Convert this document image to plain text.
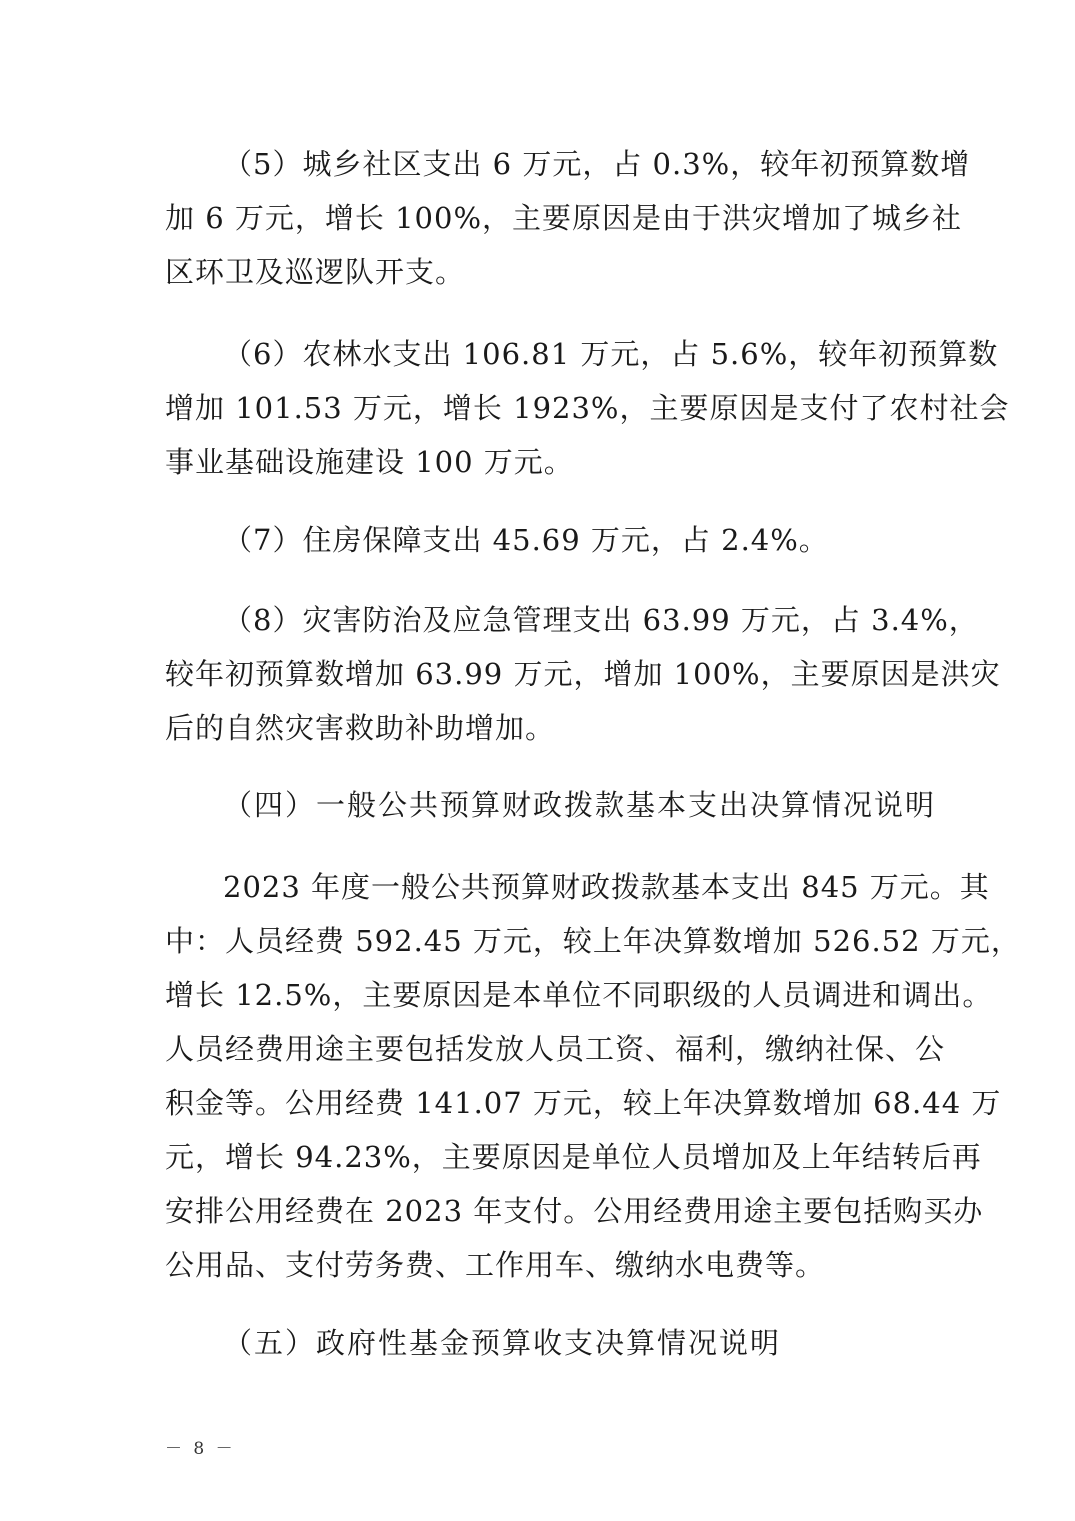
（5）城乡社区支出 6 万元，占 0.3%，较年初预算数增
加 6 万元，增长 100%，主要原因是由于洪灾增加了城乡社
区环卫及巡逻队开支。
（6）农林水支出 106.81 万元，占 5.6%，较年初预算数
增加 101.53 万元，增长 1923%，主要原因是支付了农村社会
事业基础设施建设 100 万元。
（7）住房保障支出 45.69 万元，占 2.4%。
（8）灾害防治及应急管理支出 63.99 万元，占 3.4%，
较年初预算数增加 63.99 万元，增加 100%，主要原因是洪灾
后的自然灾害救助补助增加。
（四）一般公共预算财政拨款基本支出决算情况说明
2023 年度一般公共预算财政拨款基本支出 845 万元。其
中：人员经费 592.45 万元，较上年决算数增加 526.52 万元，
增长 12.5%，主要原因是本单位不同职级的人员调进和调出。
人员经费用途主要包括发放人员工资、福利，缴纳社保、公
积金等。公用经费 141.07 万元，较上年决算数增加 68.44 万
元，增长 94.23%，主要原因是单位人员增加及上年结转后再
安排公用经费在 2023 年支付。公用经费用途主要包括购买办
公用品、支付劳务费、工作用车、缴纳水电费等。
（五）政府性基金预算收支决算情况说明
－ 8 －
